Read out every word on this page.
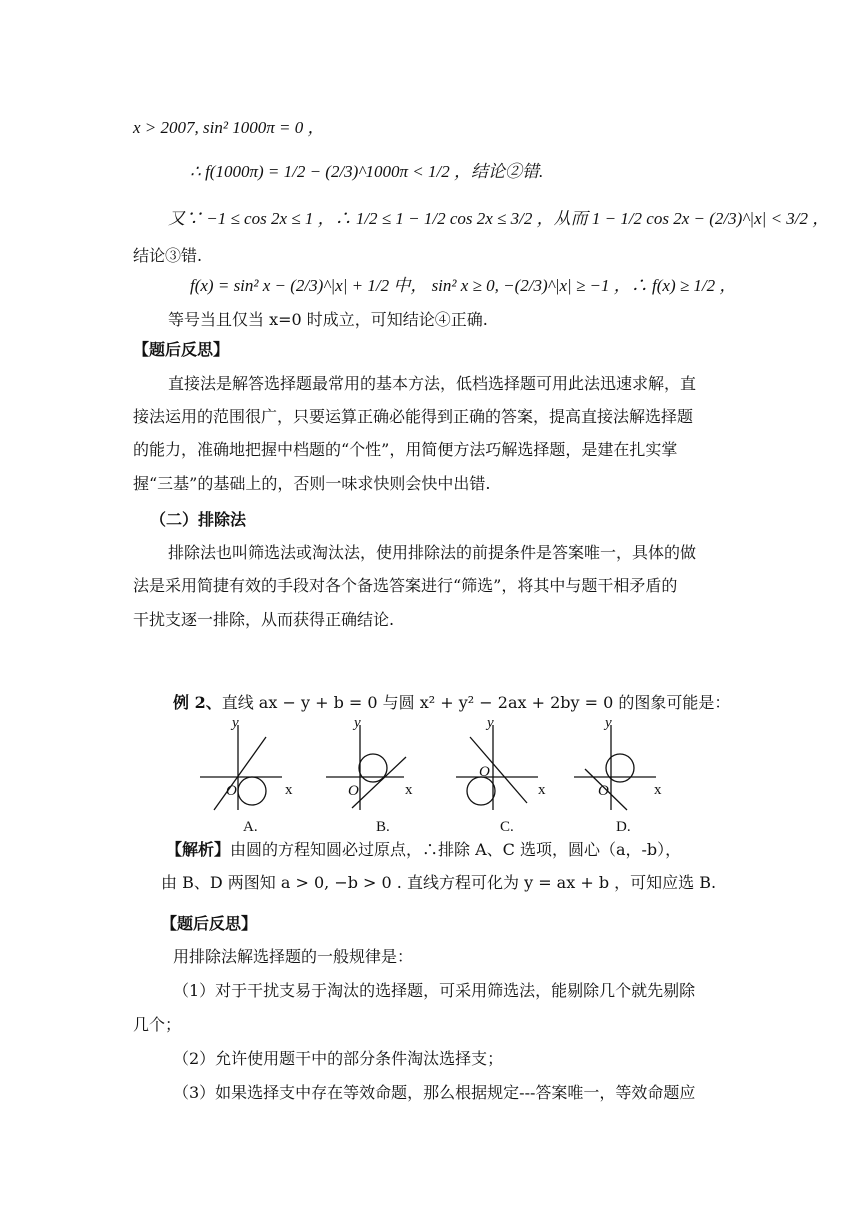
x > 2007, sin² 1000π = 0 ，
∴ f(1000π) = 1/2 − (2/3)^1000π < 1/2 ，结论②错.
又∵ −1 ≤ cos 2x ≤ 1 ，∴ 1/2 ≤ 1 − 1/2 cos 2x ≤ 3/2 ，从而 1 − 1/2 cos 2x − (2/3)^|x| < 3/2 ，
结论③错.
f(x) = sin² x − (2/3)^|x| + 1/2 中， sin² x ≥ 0, −(2/3)^|x| ≥ −1 ，∴ f(x) ≥ 1/2 ，
等号当且仅当 x=0 时成立，可知结论④正确.
【题后反思】
直接法是解答选择题最常用的基本方法，低档选择题可用此法迅速求解，直
接法运用的范围很广，只要运算正确必能得到正确的答案，提高直接法解选择题
的能力，准确地把握中档题的“个性”，用简便方法巧解选择题，是建在扎实掌
握“三基”的基础上的，否则一味求快则会快中出错.
（二）排除法
排除法也叫筛选法或淘汰法，使用排除法的前提条件是答案唯一，具体的做
法是采用简捷有效的手段对各个备选答案进行“筛选”，将其中与题干相矛盾的
干扰支逐一排除，从而获得正确结论.
例 2、直线 ax − y + b = 0 与圆 x² + y² − 2ax + 2by = 0 的图象可能是：
y
x
O
A.
y
x
O
B.
y
x
O
C.
y
x
O
D.
【解析】由圆的方程知圆必过原点，∴排除 A、C 选项，圆心（a，-b），
由 B、D 两图知 a > 0, −b > 0 . 直线方程可化为 y = ax + b ，可知应选 B.
【题后反思】
用排除法解选择题的一般规律是：
（1）对于干扰支易于淘汰的选择题，可采用筛选法，能剔除几个就先剔除
几个；
（2）允许使用题干中的部分条件淘汰选择支；
（3）如果选择支中存在等效命题，那么根据规定---答案唯一，等效命题应
